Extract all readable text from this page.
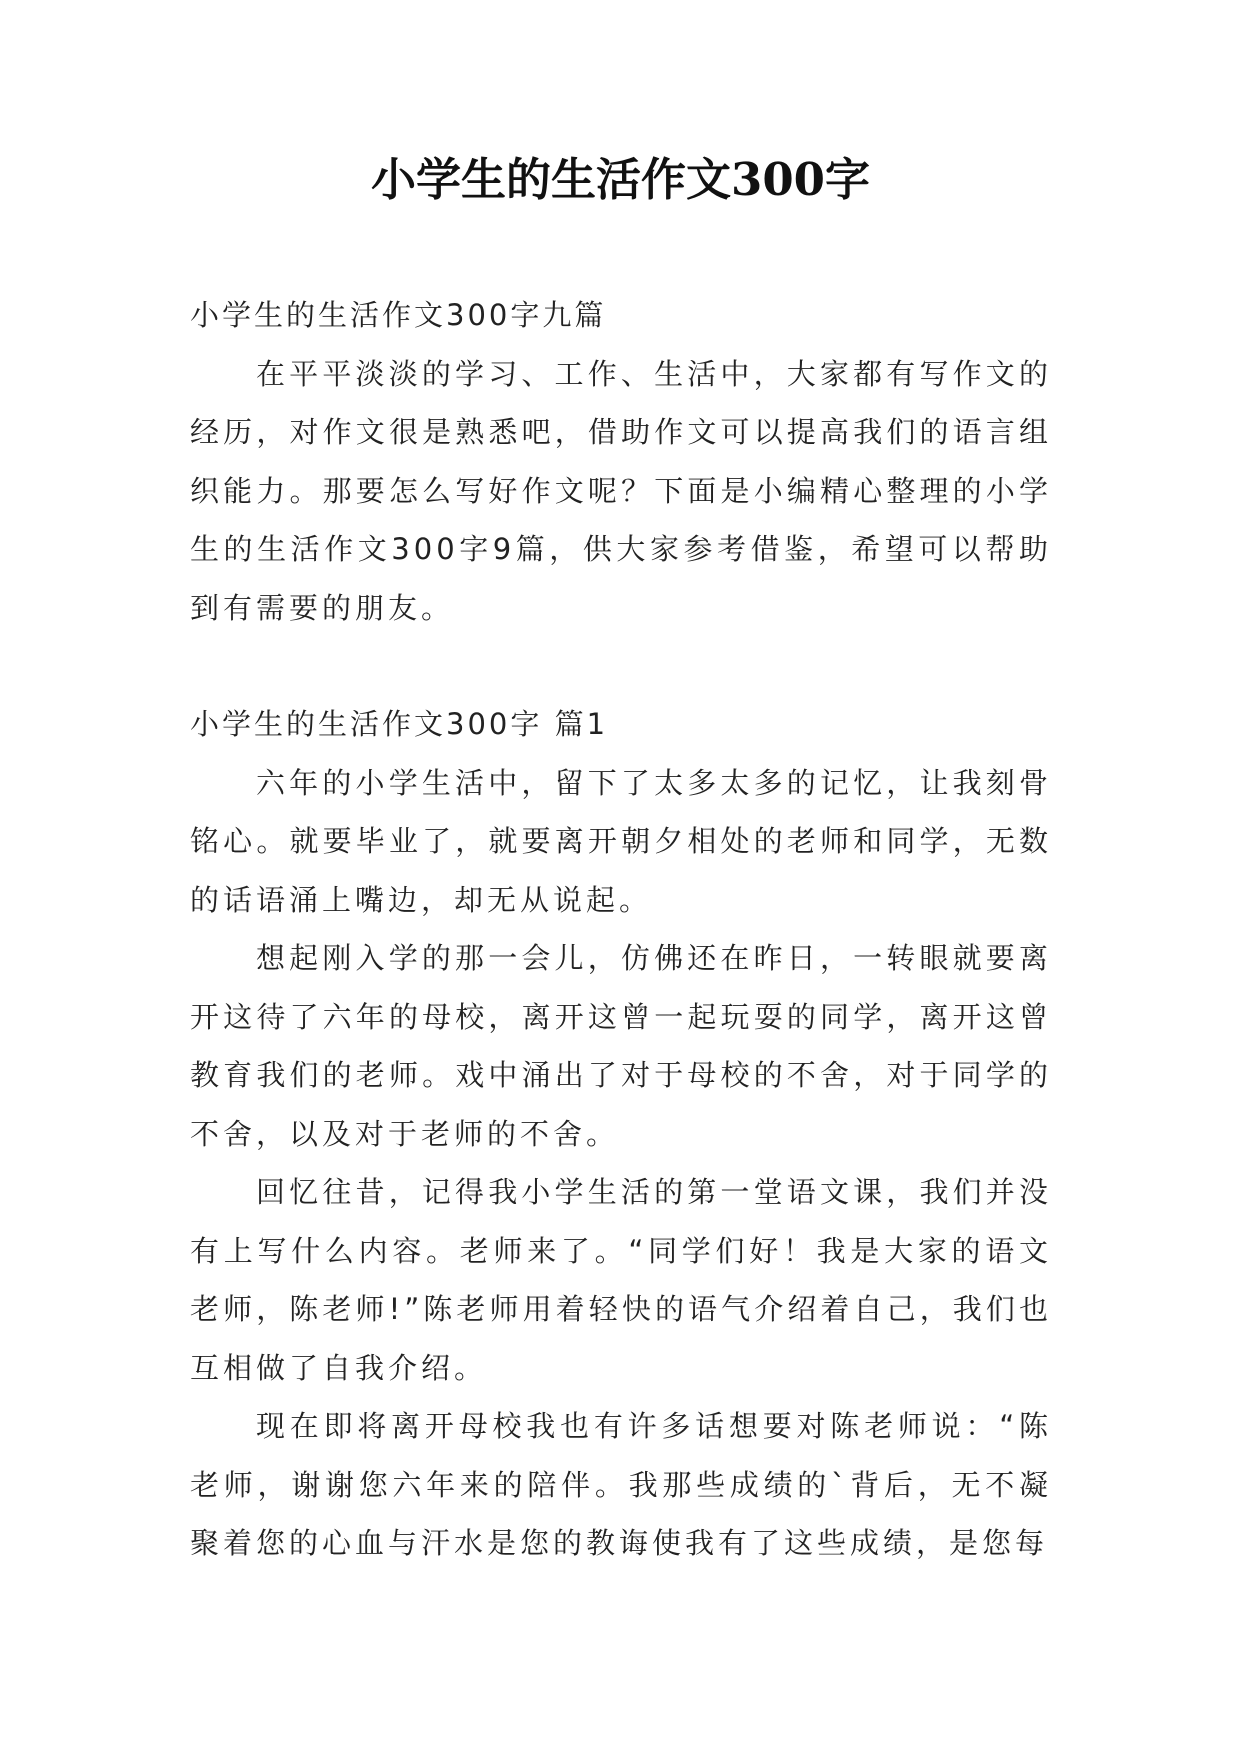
小学生的生活作文300字

小学生的生活作文300字九篇

在平平淡淡的学习、工作、生活中，大家都有写作文的经历，对作文很是熟悉吧，借助作文可以提高我们的语言组织能力。那要怎么写好作文呢？下面是小编精心整理的小学生的生活作文300字9篇，供大家参考借鉴，希望可以帮助到有需要的朋友。

小学生的生活作文300字 篇1

六年的小学生活中，留下了太多太多的记忆，让我刻骨铭心。就要毕业了，就要离开朝夕相处的老师和同学，无数的话语涌上嘴边，却无从说起。

想起刚入学的那一会儿，仿佛还在昨日，一转眼就要离开这待了六年的母校，离开这曾一起玩耍的同学，离开这曾教育我们的老师。戏中涌出了对于母校的不舍，对于同学的不舍，以及对于老师的不舍。

回忆往昔，记得我小学生活的第一堂语文课，我们并没有上写什么内容。老师来了。“同学们好！我是大家的语文老师，陈老师!”陈老师用着轻快的语气介绍着自己，我们也互相做了自我介绍。

现在即将离开母校我也有许多话想要对陈老师说：“陈老师，谢谢您六年来的陪伴。我那些成绩的`背后，无不凝聚着您的心血与汗水是您的教诲使我有了这些成绩，是您每
